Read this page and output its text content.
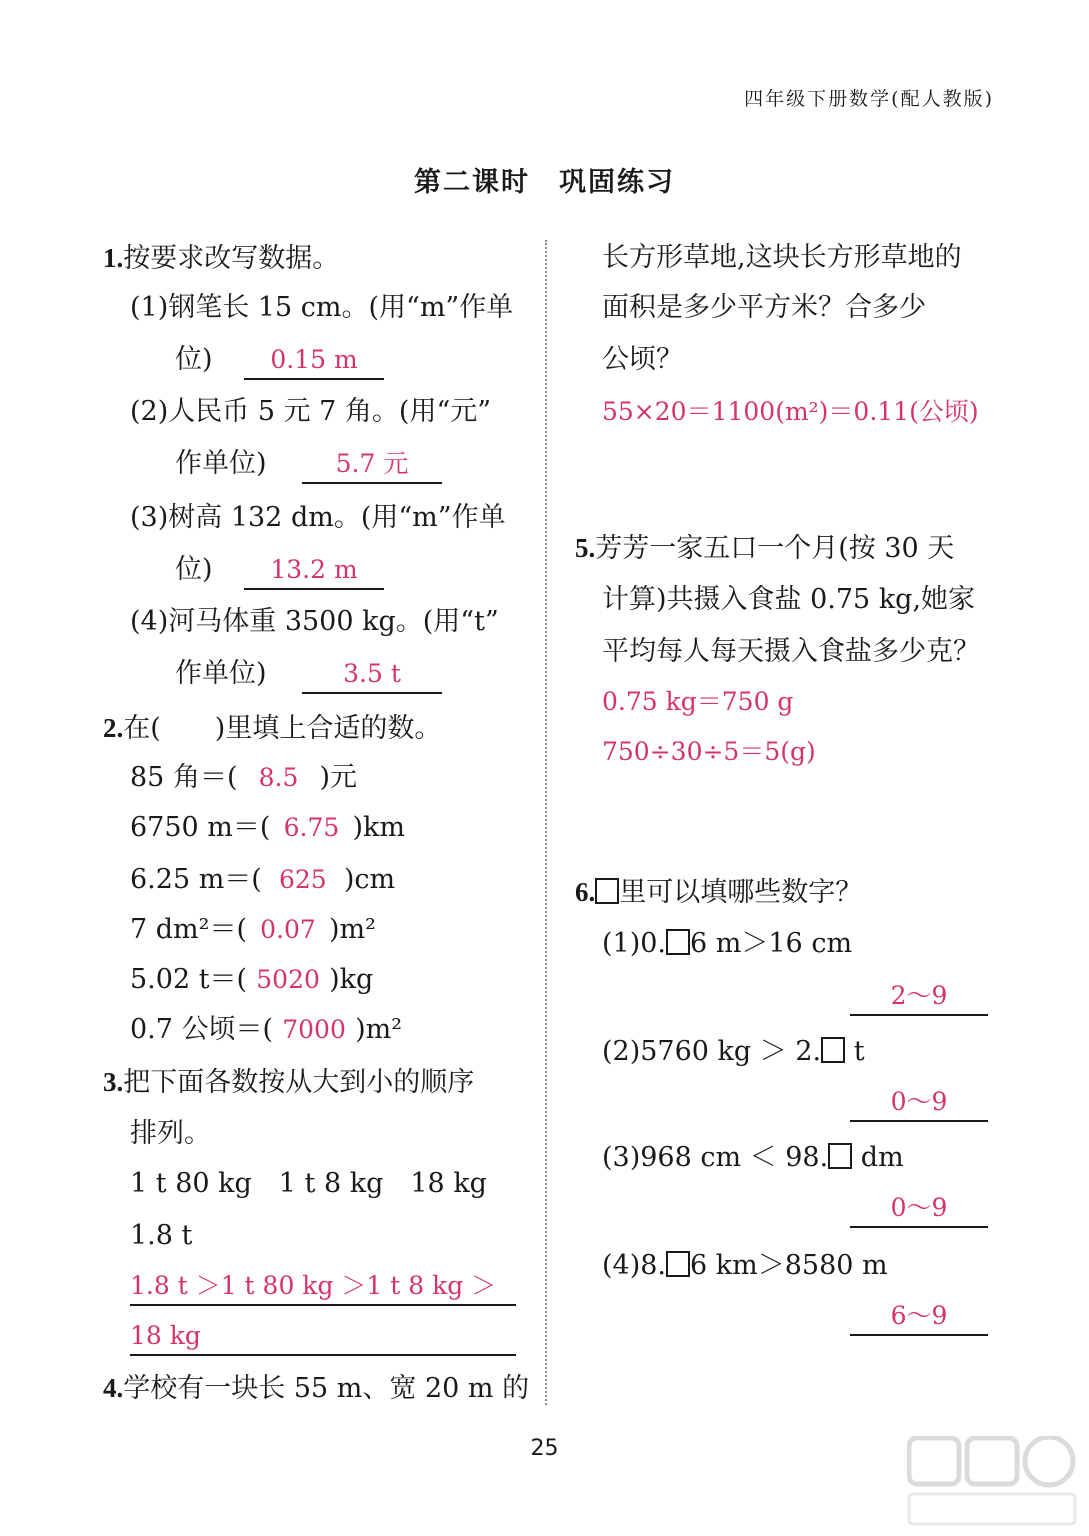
四年级下册数学(配人教版)
第二课时　巩固练习
1.按要求改写数据。
(1)钢笔长 15 cm。(用“m”作单
位)	0.15 m
(2)人民币 5 元 7 角。(用“元”
作单位)	5.7 元
(3)树高 132 dm。(用“m”作单
位)	13.2 m
(4)河马体重 3500 kg。(用“t”
作单位)	3.5 t
2.在(　　)里填上合适的数。
85 角＝( 8.5 )元
6750 m＝( 6.75 )km
6.25 m＝( 625 )cm
7 dm²＝( 0.07 )m²
5.02 t＝( 5020 )kg
0.7 公顷＝( 7000 )m²
3.把下面各数按从大到小的顺序
排列。
1 t 80 kg　1 t 8 kg　18 kg
1.8 t
1.8 t ＞1 t 80 kg ＞1 t 8 kg ＞
18 kg
4.学校有一块长 55 m、宽 20 m 的
长方形草地,这块长方形草地的
面积是多少平方米？合多少
公顷？
55×20＝1100(m²)＝0.11(公顷)
5.芳芳一家五口一个月(按 30 天
计算)共摄入食盐 0.75 kg,她家
平均每人每天摄入食盐多少克？
0.75 kg＝750 g
750÷30÷5＝5(g)
6. 里可以填哪些数字？
(1)0. 6 m＞16 cm
2～9
(2)5760 kg ＞ 2. t
0～9
(3)968 cm ＜ 98. dm
0～9
(4)8. 6 km＞8580 m
6～9
25
